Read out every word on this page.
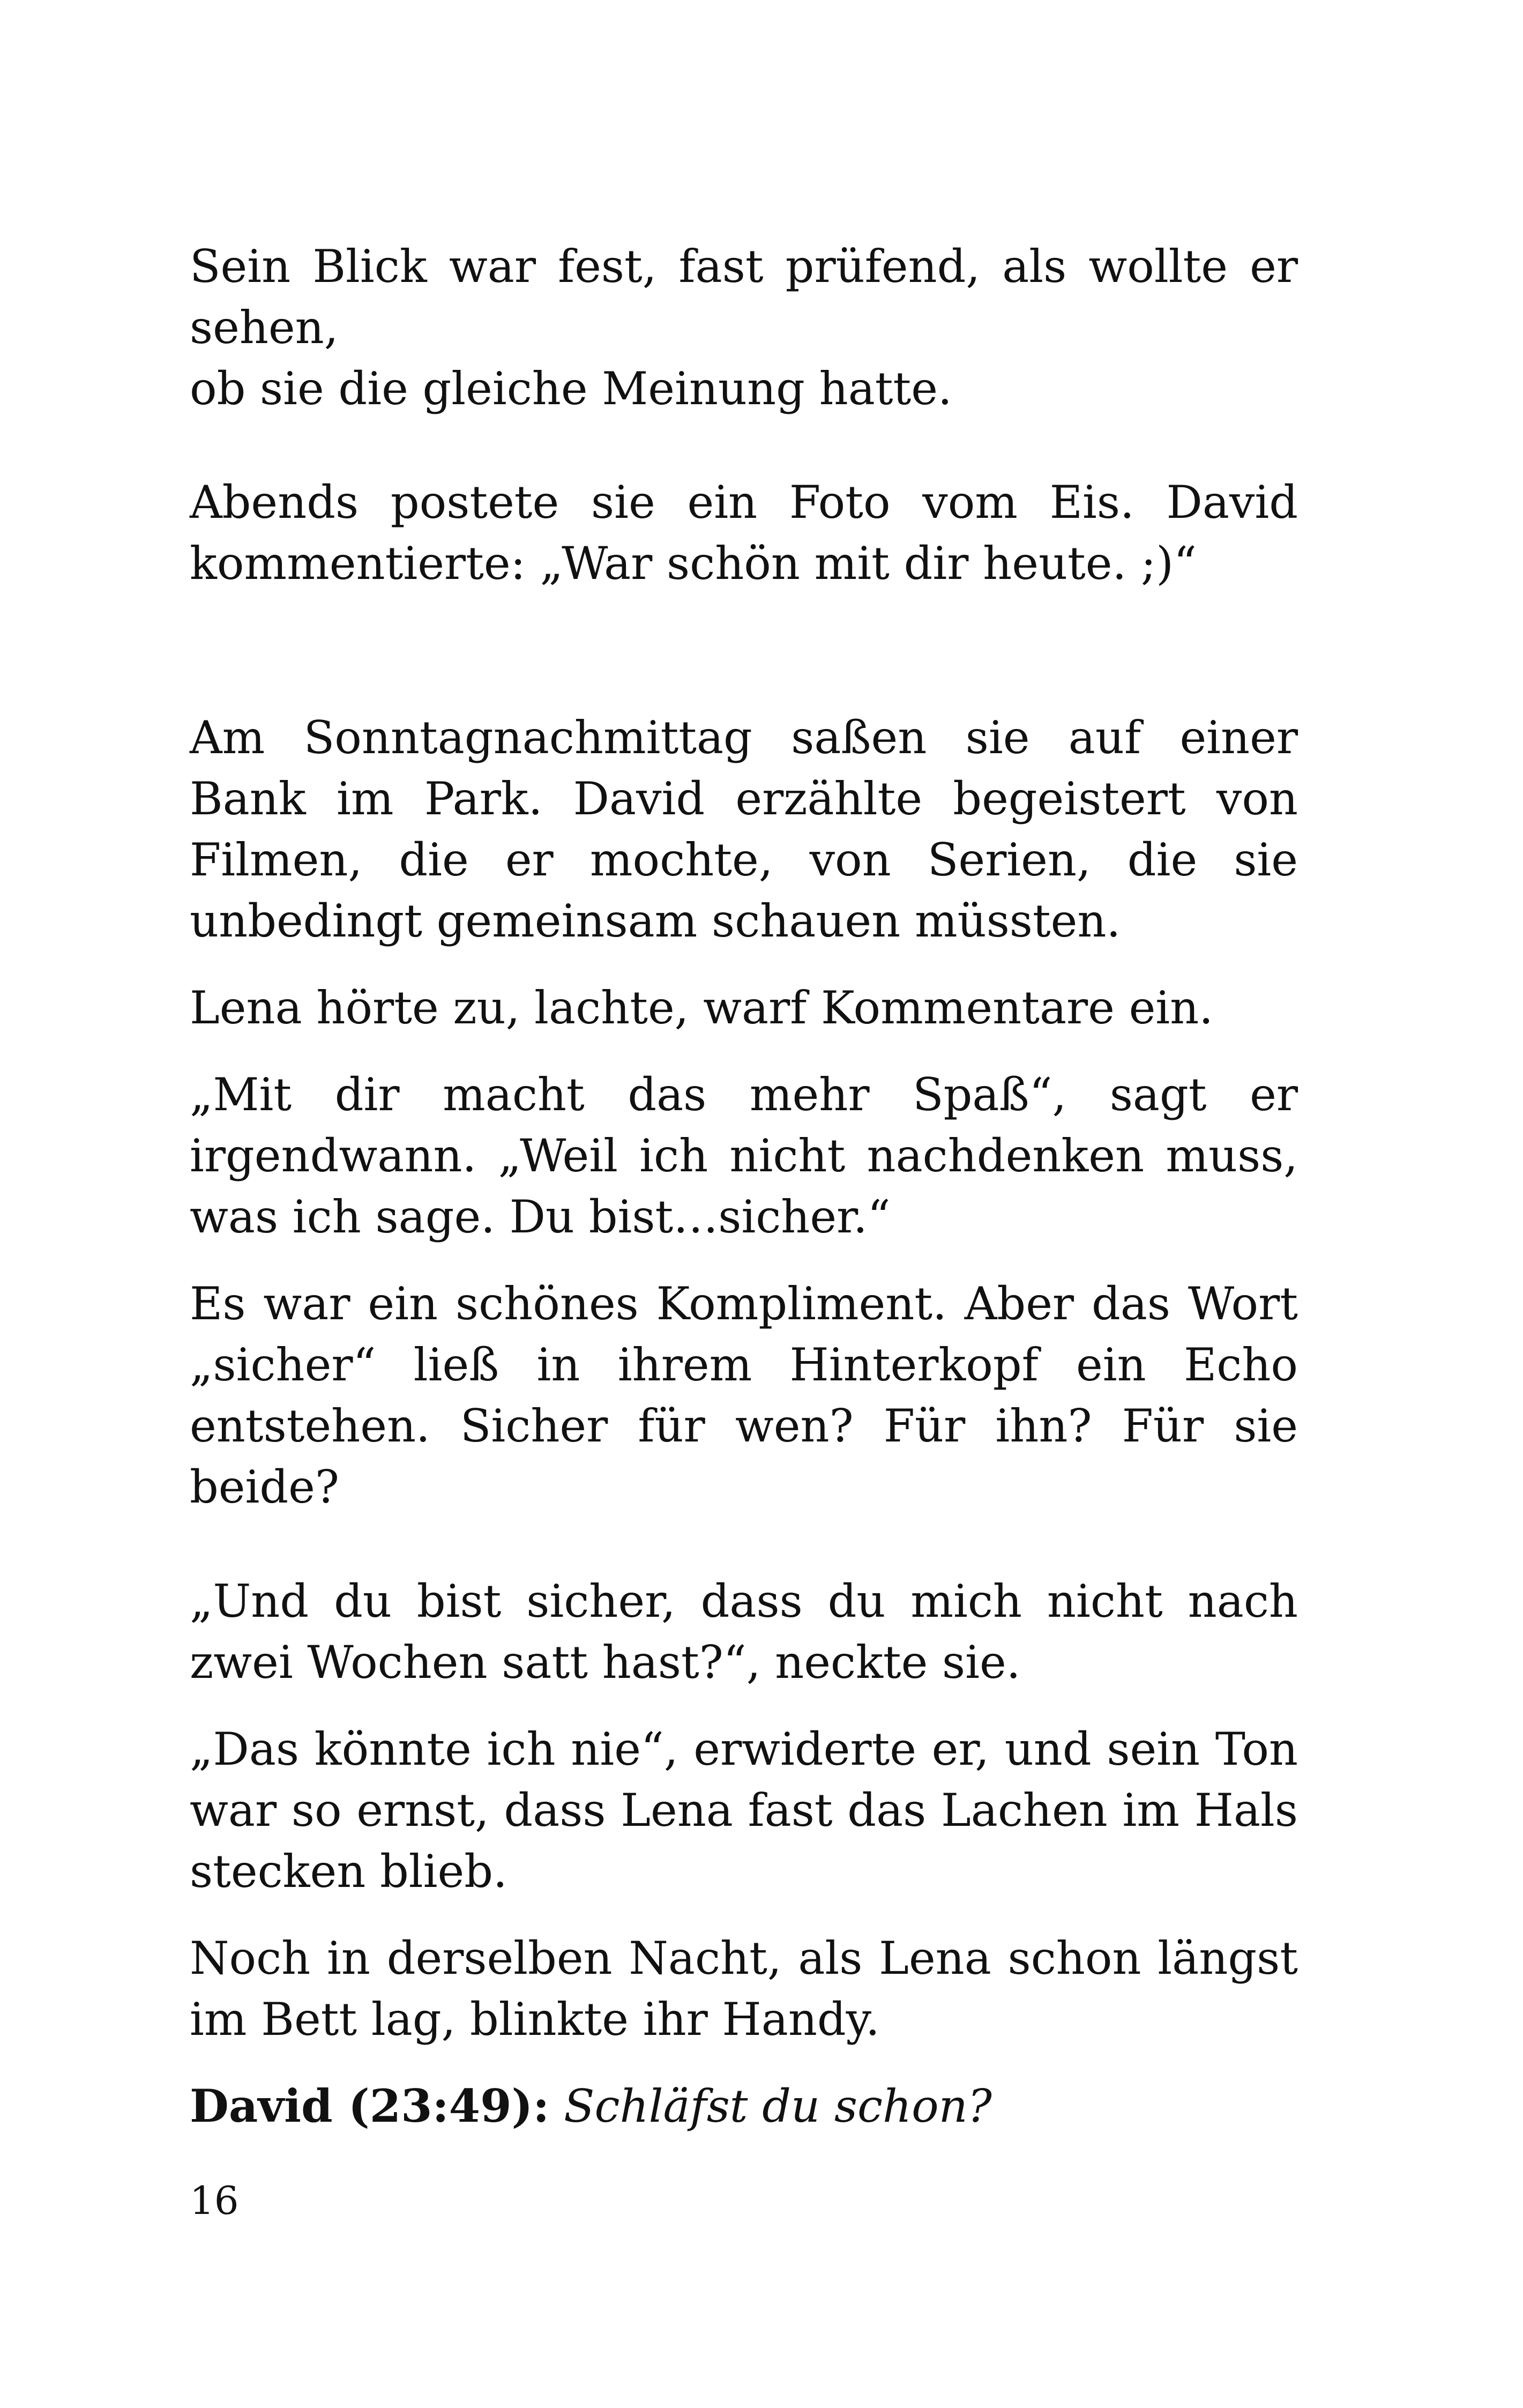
Sein Blick war fest, fast prüfend, als wollte er sehen,
ob sie die gleiche Meinung hatte.

Abends postete sie ein Foto vom Eis. David kommentierte: „War schön mit dir heute. ;)“

Am Sonntagnachmittag saßen sie auf einer Bank im Park. David erzählte begeistert von Filmen, die er mochte, von Serien, die sie unbedingt gemeinsam schauen müssten.

Lena hörte zu, lachte, warf Kommentare ein.

„Mit dir macht das mehr Spaß“, sagt er irgendwann. „Weil ich nicht nachdenken muss, was ich sage. Du bist…sicher.“

Es war ein schönes Kompliment. Aber das Wort „sicher“ ließ in ihrem Hinterkopf ein Echo entstehen. Sicher für wen? Für ihn? Für sie beide?

„Und du bist sicher, dass du mich nicht nach zwei Wochen satt hast?“, neckte sie.

„Das könnte ich nie“, erwiderte er, und sein Ton war so ernst, dass Lena fast das Lachen im Hals stecken blieb.

Noch in derselben Nacht, als Lena schon längst im Bett lag, blinkte ihr Handy.

David (23:49): Schläfst du schon?

16
